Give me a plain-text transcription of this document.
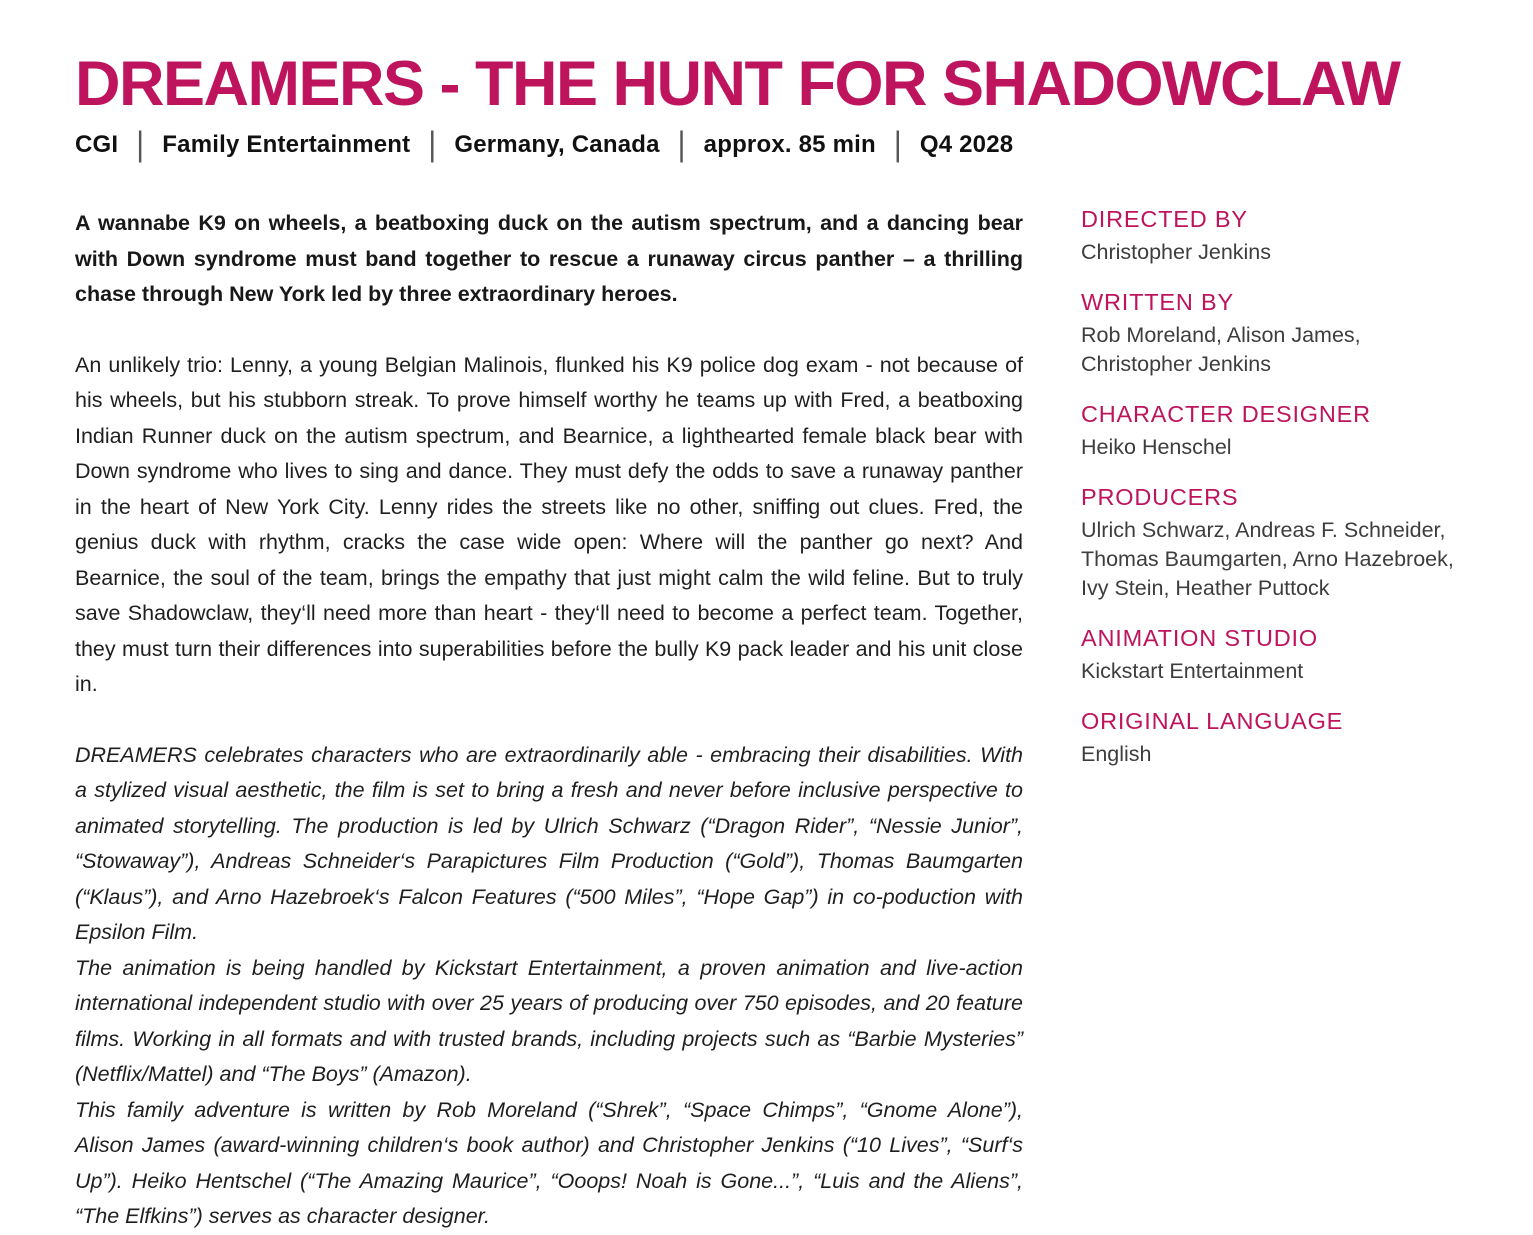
DREAMERS - THE HUNT FOR SHADOWCLAW
CGI | Family Entertainment | Germany, Canada | approx. 85 min | Q4 2028

A wannabe K9 on wheels, a beatboxing duck on the autism spectrum, and a dancing bear with Down syndrome must band together to rescue a runaway circus panther – a thrilling chase through New York led by three extraordinary heroes.

An unlikely trio: Lenny, a young Belgian Malinois, flunked his K9 police dog exam - not because of his wheels, but his stubborn streak. To prove himself worthy he teams up with Fred, a beatboxing Indian Runner duck on the autism spectrum, and Bearnice, a lighthearted female black bear with Down syndrome who lives to sing and dance. They must defy the odds to save a runaway panther in the heart of New York City. Lenny rides the streets like no other, sniffing out clues. Fred, the genius duck with rhythm, cracks the case wide open: Where will the panther go next? And Bearnice, the soul of the team, brings the empathy that just might calm the wild feline. But to truly save Shadowclaw, they‘ll need more than heart - they‘ll need to become a perfect team. Together, they must turn their differences into superabilities before the bully K9 pack leader and his unit close in.

DREAMERS celebrates characters who are extraordinarily able - embracing their disabilities. With a stylized visual aesthetic, the film is set to bring a fresh and never before inclusive perspective to animated storytelling. The production is led by Ulrich Schwarz (“Dragon Rider”, “Nessie Junior”, “Stowaway”), Andreas Schneider‘s Parapictures Film Production (“Gold”), Thomas Baumgarten (“Klaus”), and Arno Hazebroek‘s Falcon Features (“500 Miles”, “Hope Gap”) in co-poduction with Epsilon Film.

The animation is being handled by Kickstart Entertainment, a proven animation and live-action international independent studio with over 25 years of producing over 750 episodes, and 20 feature films. Working in all formats and with trusted brands, including projects such as “Barbie Mysteries” (Netflix/Mattel) and “The Boys” (Amazon).

This family adventure is written by Rob Moreland (“Shrek”, “Space Chimps”, “Gnome Alone”), Alison James (award-winning children‘s book author) and Christopher Jenkins (“10 Lives”, “Surf‘s Up”). Heiko Hentschel (“The Amazing Maurice”, “Ooops! Noah is Gone...”, “Luis and the Aliens”, “The Elfkins”) serves as character designer.

DIRECTED BY
Christopher Jenkins
WRITTEN BY
Rob Moreland, Alison James, Christopher Jenkins
CHARACTER DESIGNER
Heiko Henschel
PRODUCERS
Ulrich Schwarz, Andreas F. Schneider, Thomas Baumgarten, Arno Hazebroek, Ivy Stein, Heather Puttock
ANIMATION STUDIO
Kickstart Entertainment
ORIGINAL LANGUAGE
English
